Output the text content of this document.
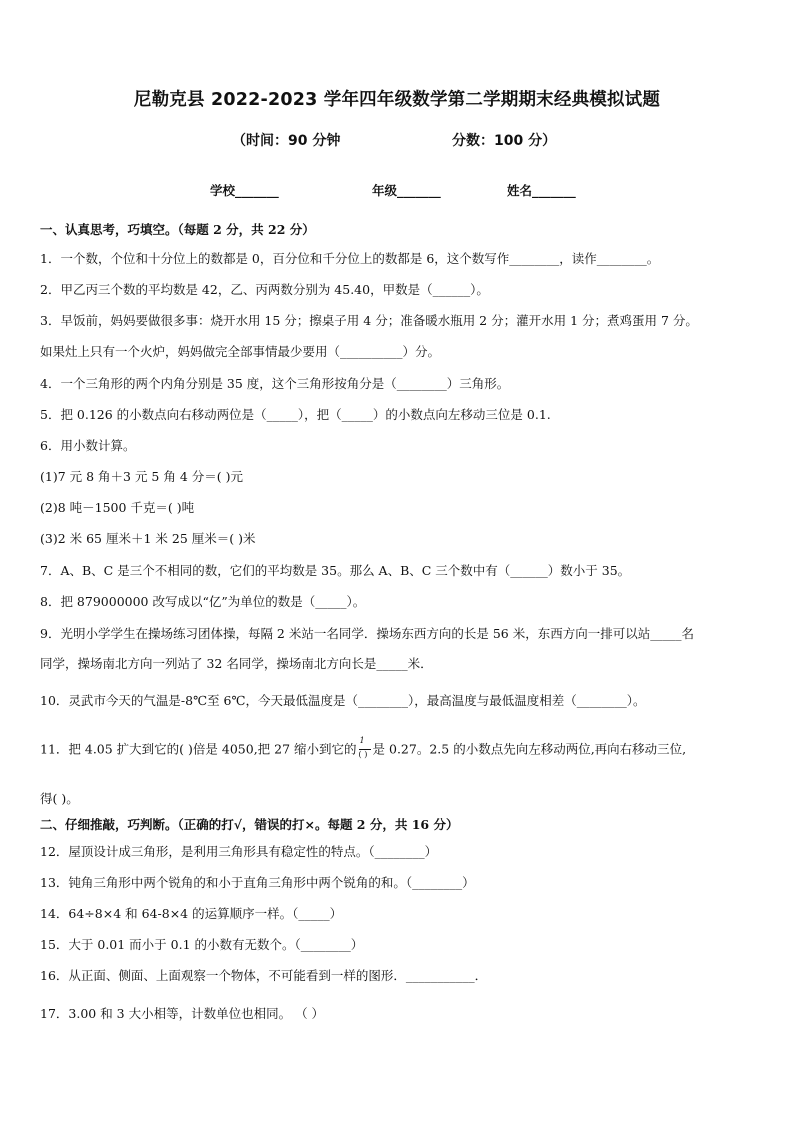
尼勒克县 2022-2023 学年四年级数学第二学期期末经典模拟试题
（时间：90 分钟	分数：100 分）
学校_______	年级_______	姓名_______
一、认真思考，巧填空。（每题 2 分，共 22 分）
1．一个数，个位和十分位上的数都是 0，百分位和千分位上的数都是 6，这个数写作________，读作________。
2．甲乙丙三个数的平均数是 42，乙、丙两数分别为 45.40，甲数是（______）。
3．早饭前，妈妈要做很多事：烧开水用 15 分；擦桌子用 4 分；准备暖水瓶用 2 分；灌开水用 1 分；煮鸡蛋用 7 分。
如果灶上只有一个火炉，妈妈做完全部事情最少要用（__________）分。
4．一个三角形的两个内角分别是 35 度，这个三角形按角分是（________）三角形。
5．把 0.126 的小数点向右移动两位是（_____），把（_____）的小数点向左移动三位是 0.1.
6．用小数计算。
(1)7 元 8 角＋3 元 5 角 4 分＝( )元
(2)8 吨－1500 千克＝( )吨
(3)2 米 65 厘米＋1 米 25 厘米＝( )米
7．A、B、C 是三个不相同的数，它们的平均数是 35。那么 A、B、C 三个数中有（______）数小于 35。
8．把 879000000 改写成以“亿”为单位的数是（_____）。
9．光明小学学生在操场练习团体操，每隔 2 米站一名同学．操场东西方向的长是 56 米，东西方向一排可以站_____名
同学，操场南北方向一列站了 32 名同学，操场南北方向长是_____米．
10．灵武市今天的气温是-8℃至 6℃，今天最低温度是（________），最高温度与最低温度相差（________）。
11．把 4.05 扩大到它的( )倍是 4050,把 27 缩小到它的 $\frac{1}{( )}$ 是 0.27。2.5 的小数点先向左移动两位,再向右移动三位,
得( )。
二、仔细推敲，巧判断。（正确的打√，错误的打×。每题 2 分，共 16 分）
12．屋顶设计成三角形，是利用三角形具有稳定性的特点。（________）
13．钝角三角形中两个锐角的和小于直角三角形中两个锐角的和。（________）
14．64÷8×4 和 64-8×4 的运算顺序一样。（_____）
15．大于 0.01 而小于 0.1 的小数有无数个。（________）
16．从正面、侧面、上面观察一个物体，不可能看到一样的图形．___________．
17．3.00 和 3 大小相等，计数单位也相同。 （ ）
